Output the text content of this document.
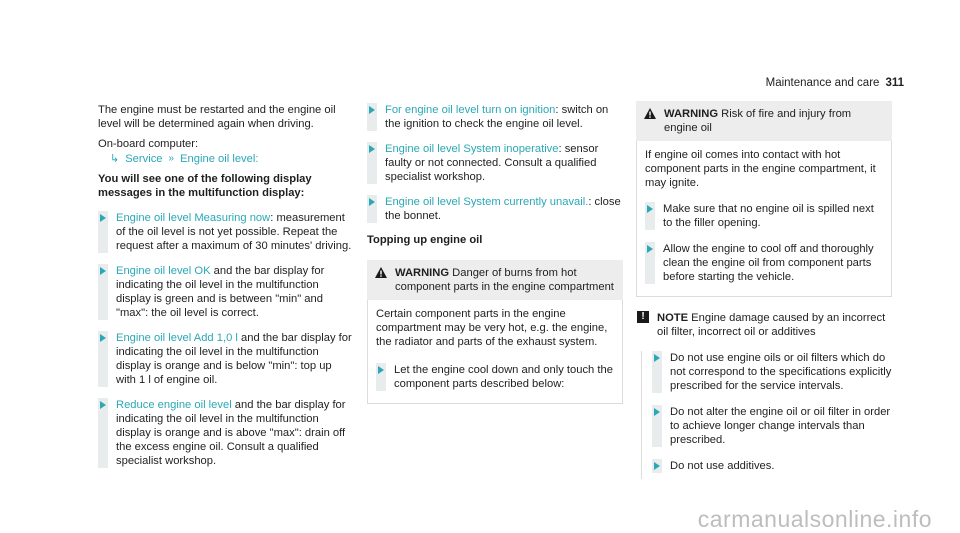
Maintenance and care 311

The engine must be restarted and the engine oil level will be determined again when driving.

On-board computer:

↳ Service » Engine oil level:

You will see one of the following display messages in the multifunction display:

Engine oil level Measuring now: measurement of the oil level is not yet possible. Repeat the request after a maximum of 30 minutes' driving.
Engine oil level OK and the bar display for indicating the oil level in the multifunction display is green and is between "min" and "max": the oil level is correct.
Engine oil level Add 1,0 l and the bar display for indicating the oil level in the multifunction display is orange and is below "min": top up with 1 l of engine oil.
Reduce engine oil level and the bar display for indicating the oil level in the multifunction display is orange and is above "max": drain off the excess engine oil. Consult a qualified specialist workshop.
For engine oil level turn on ignition: switch on the ignition to check the engine oil level.
Engine oil level System inoperative: sensor faulty or not connected. Consult a qualified specialist workshop.
Engine oil level System currently unavail.: close the bonnet.

Topping up engine oil

WARNING Danger of burns from hot component parts in the engine compartment

Certain component parts in the engine compartment may be very hot, e.g. the engine, the radiator and parts of the exhaust system.

Let the engine cool down and only touch the component parts described below:
WARNING Risk of fire and injury from engine oil

If engine oil comes into contact with hot component parts in the engine compartment, it may ignite.

Make sure that no engine oil is spilled next to the filler opening.
Allow the engine to cool off and thoroughly clean the engine oil from component parts before starting the vehicle.
!	NOTE Engine damage caused by an incorrect oil filter, incorrect oil or additives
Do not use engine oils or oil filters which do not correspond to the specifications explicitly prescribed for the service intervals.
Do not alter the engine oil or oil filter in order to achieve longer change intervals than prescribed.
Do not use additives.
carmanualsonline.info
